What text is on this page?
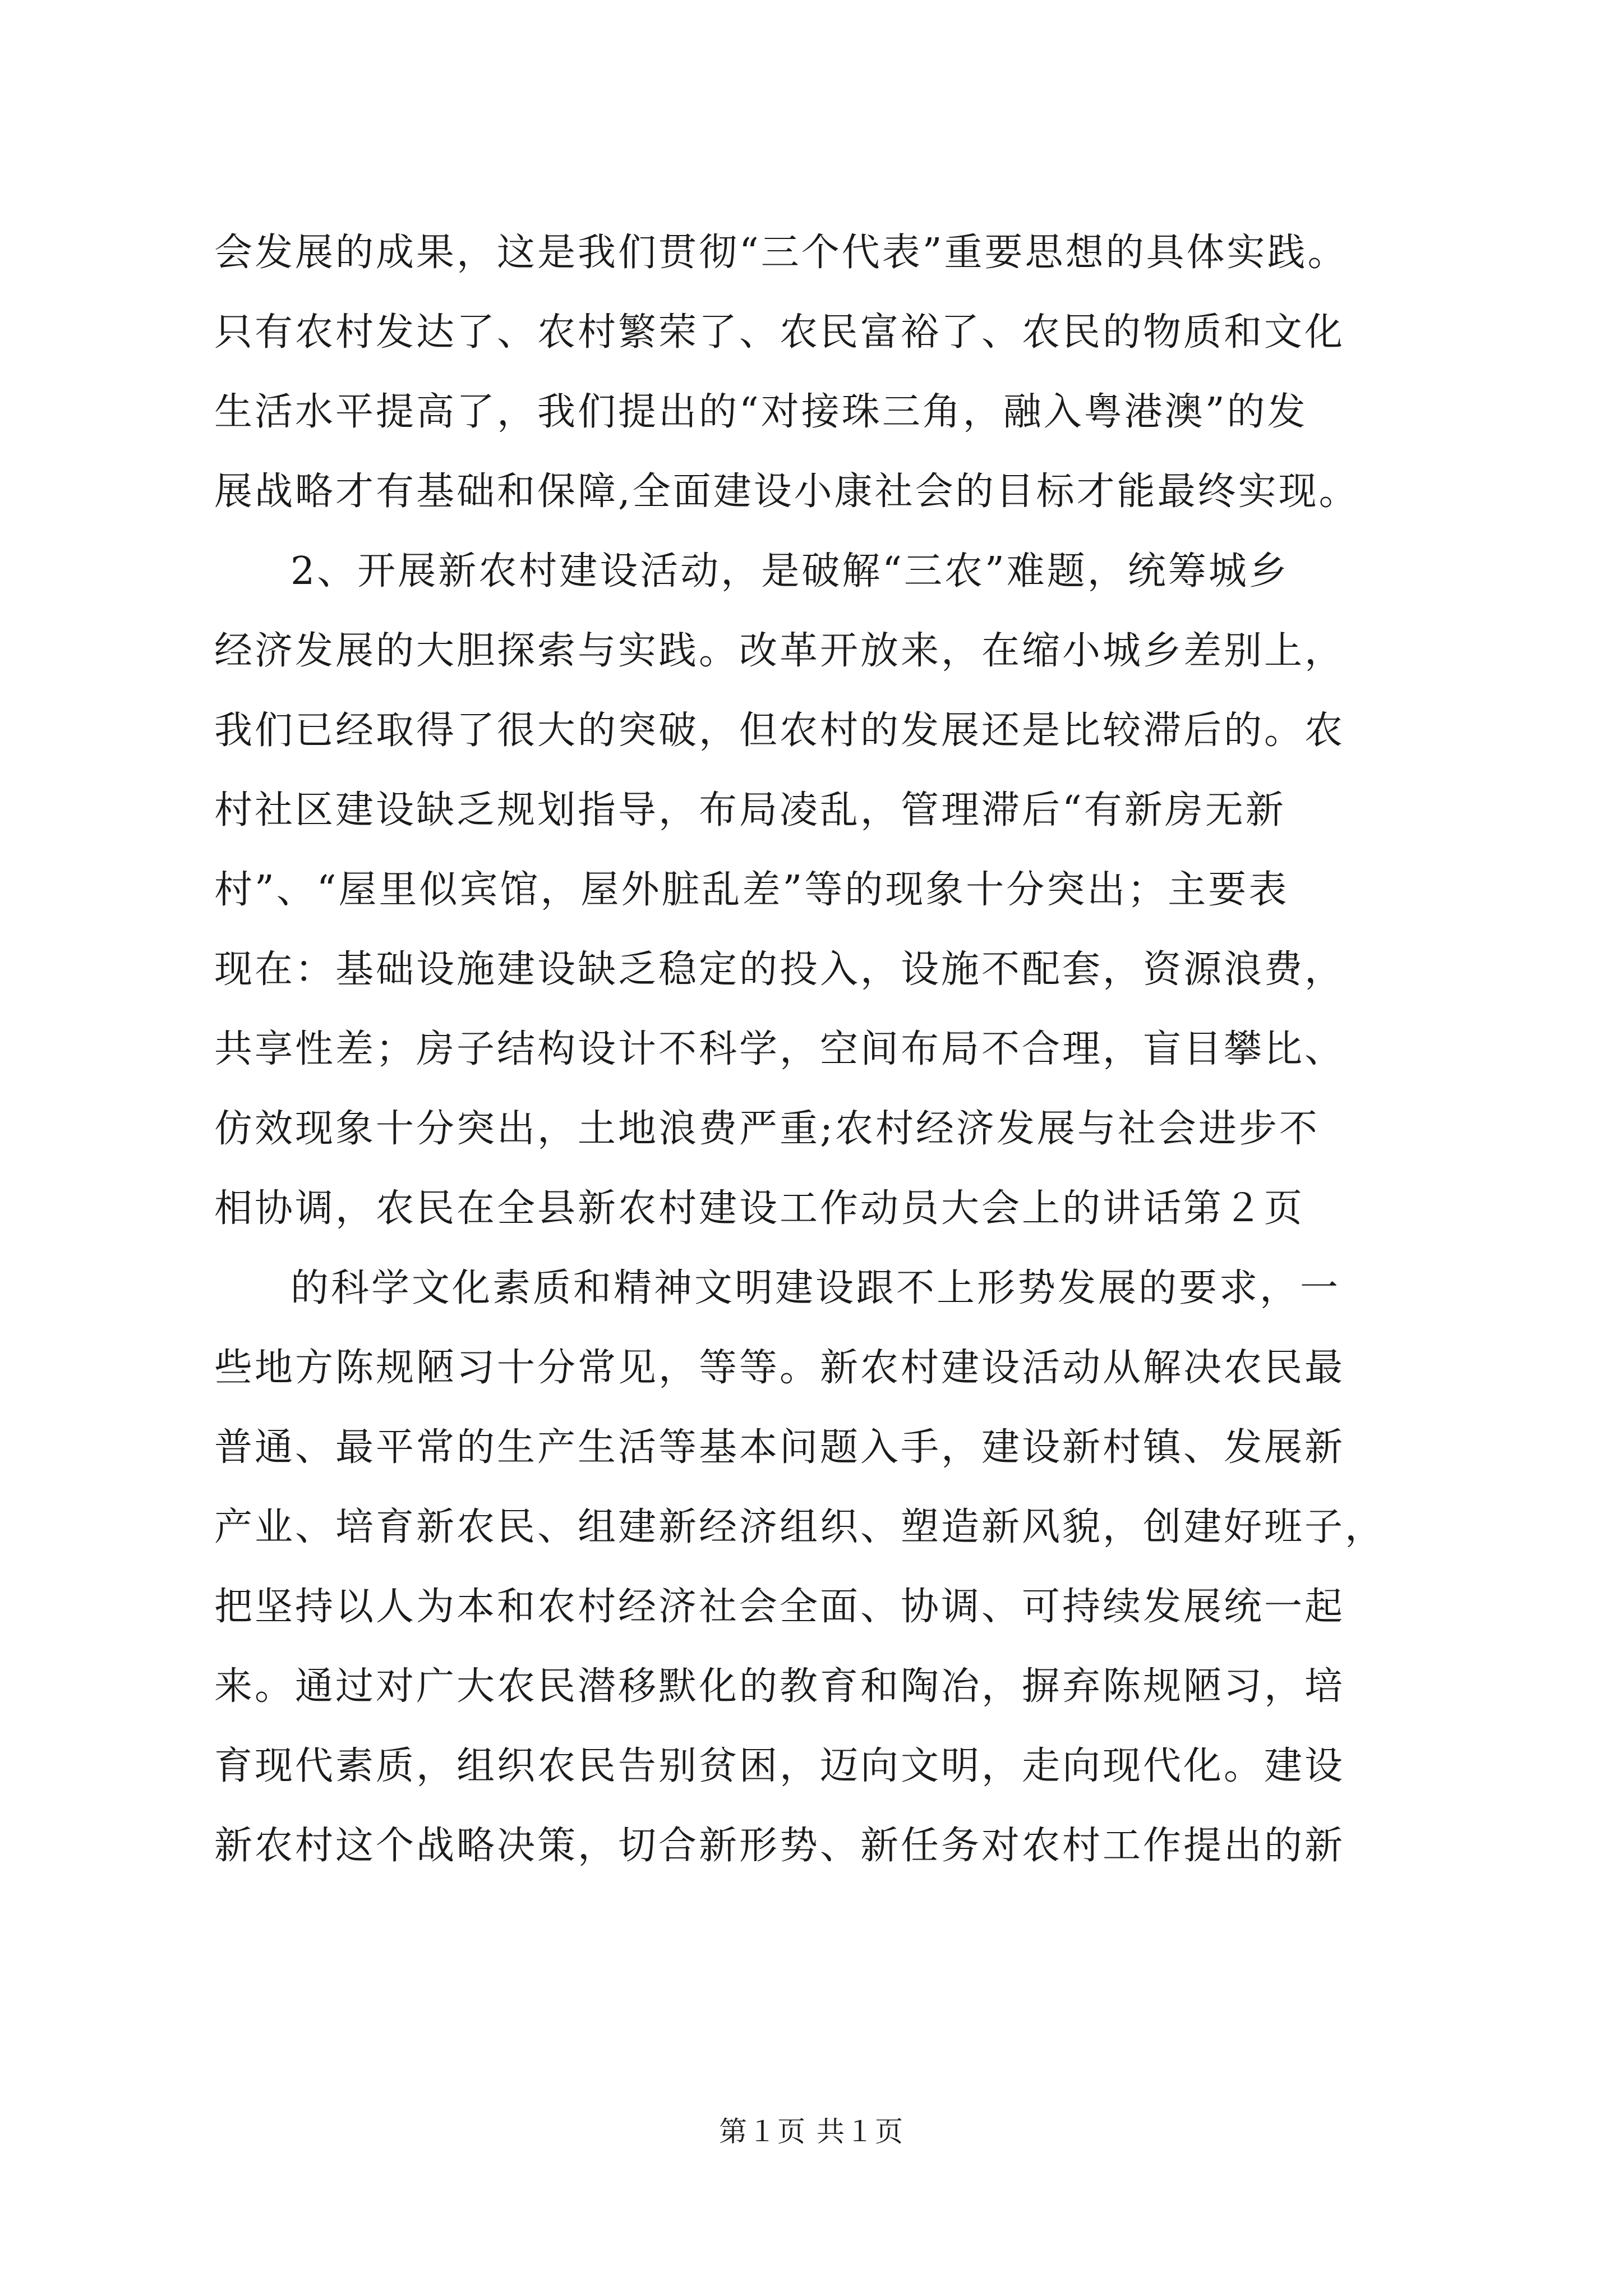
会发展的成果，这是我们贯彻“三个代表”重要思想的具体实践。
只有农村发达了、农村繁荣了、农民富裕了、农民的物质和文化
生活水平提高了，我们提出的“对接珠三角，融入粤港澳”的发
展战略才有基础和保障,全面建设小康社会的目标才能最终实现。
2、开展新农村建设活动，是破解“三农”难题，统筹城乡
经济发展的大胆探索与实践。改革开放来，在缩小城乡差别上，
我们已经取得了很大的突破，但农村的发展还是比较滞后的。农
村社区建设缺乏规划指导，布局凌乱，管理滞后“有新房无新
村”、“屋里似宾馆，屋外脏乱差”等的现象十分突出；主要表
现在：基础设施建设缺乏稳定的投入，设施不配套，资源浪费，
共享性差；房子结构设计不科学，空间布局不合理，盲目攀比、
仿效现象十分突出，土地浪费严重;农村经济发展与社会进步不
相协调，农民在全县新农村建设工作动员大会上的讲话第２页
的科学文化素质和精神文明建设跟不上形势发展的要求，一
些地方陈规陋习十分常见，等等。新农村建设活动从解决农民最
普通、最平常的生产生活等基本问题入手，建设新村镇、发展新
产业、培育新农民、组建新经济组织、塑造新风貌，创建好班子，
把坚持以人为本和农村经济社会全面、协调、可持续发展统一起
来。通过对广大农民潜移默化的教育和陶冶，摒弃陈规陋习，培
育现代素质，组织农民告别贫困，迈向文明，走向现代化。建设
新农村这个战略决策，切合新形势、新任务对农村工作提出的新
第１页 共１页
